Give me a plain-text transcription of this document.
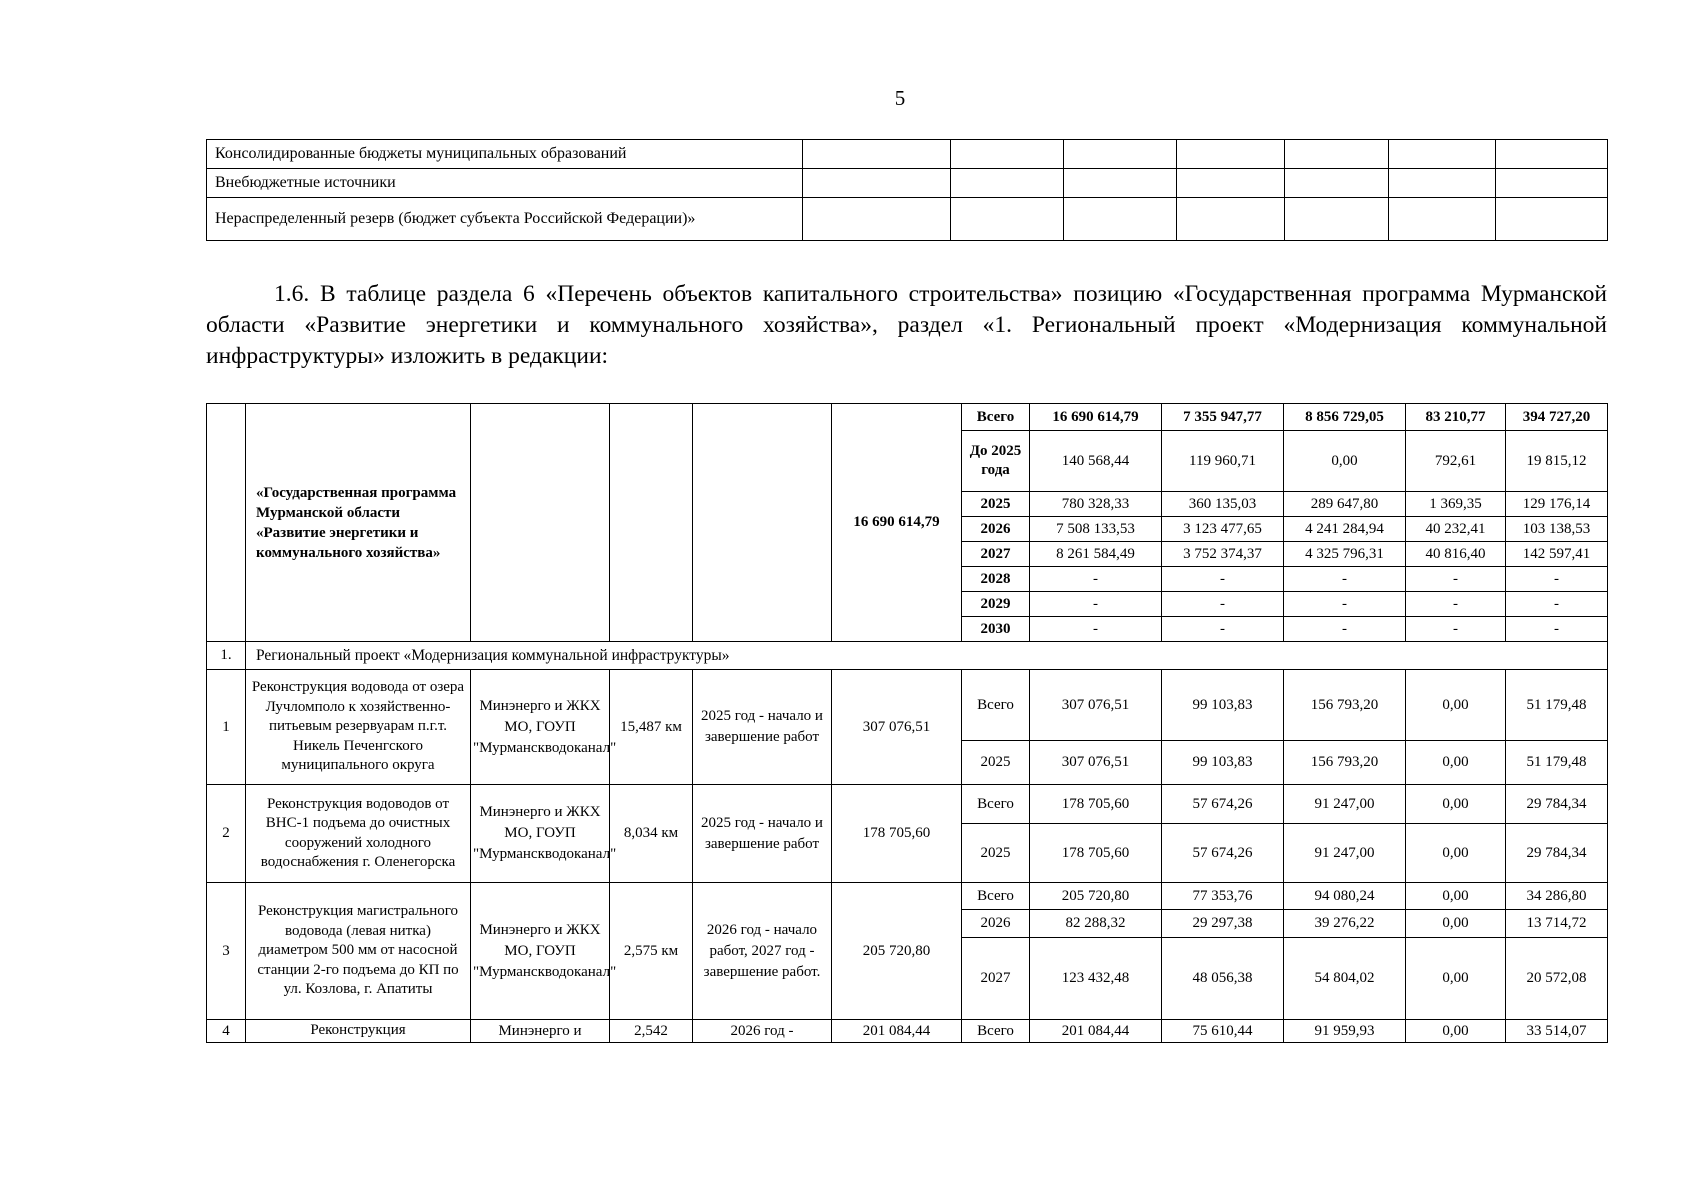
5
Консолидированные бюджеты муниципальных образований							
Внебюджетные источники							
Нераспределенный резерв (бюджет субъекта Российской Федерации)»							

1.6. В таблице раздела 6 «Перечень объектов капитального строительства» позицию «Государственная программа Мурманской области «Развитие энергетики и коммунального хозяйства», раздел «1. Региональный проект «Модернизация коммунальной инфраструктуры» изложить в редакции:

	«Государственная программа Мурманской области «Развитие энергетики и коммунального хозяйства»				16 690 614,79	Всего	16 690 614,79	7 355 947,77	8 856 729,05	83 210,77	394 727,20
						До 2025 года	140 568,44	119 960,71	0,00	792,61	19 815,12
						2025	780 328,33	360 135,03	289 647,80	1 369,35	129 176,14
						2026	7 508 133,53	3 123 477,65	4 241 284,94	40 232,41	103 138,53
						2027	8 261 584,49	3 752 374,37	4 325 796,31	40 816,40	142 597,41
						2028	-	-	-	-	-
						2029	-	-	-	-	-
						2030	-	-	-	-	-
1.	Региональный проект «Модернизация коммунальной инфраструктуры»										
1	Реконструкция водовода от озера Лучломполо к хозяйственно-питьевым резервуарам п.г.т. Никель Печенгского муниципального округа	Минэнерго и ЖКХ МО, ГОУП "Мурманскводоканал"	15,487 км	2025 год - начало и завершение работ	307 076,51	Всего	307 076,51	99 103,83	156 793,20	0,00	51 179,48
						2025	307 076,51	99 103,83	156 793,20	0,00	51 179,48
2	Реконструкция водоводов от ВНС-1 подъема до очистных сооружений холодного водоснабжения г. Оленегорска	Минэнерго и ЖКХ МО, ГОУП "Мурманскводоканал"	8,034 км	2025 год - начало и завершение работ	178 705,60	Всего	178 705,60	57 674,26	91 247,00	0,00	29 784,34
						2025	178 705,60	57 674,26	91 247,00	0,00	29 784,34
3	Реконструкция магистрального водовода (левая нитка) диаметром 500 мм от насосной станции 2-го подъема до КП по ул. Козлова, г. Апатиты	Минэнерго и ЖКХ МО, ГОУП "Мурманскводоканал"	2,575 км	2026 год - начало работ, 2027 год - завершение работ.	205 720,80	Всего	205 720,80	77 353,76	94 080,24	0,00	34 286,80
						2026	82 288,32	29 297,38	39 276,22	0,00	13 714,72
						2027	123 432,48	48 056,38	54 804,02	0,00	20 572,08
4	Реконструкция	Минэнерго и	2,542	2026 год -	201 084,44	Всего	201 084,44	75 610,44	91 959,93	0,00	33 514,07
